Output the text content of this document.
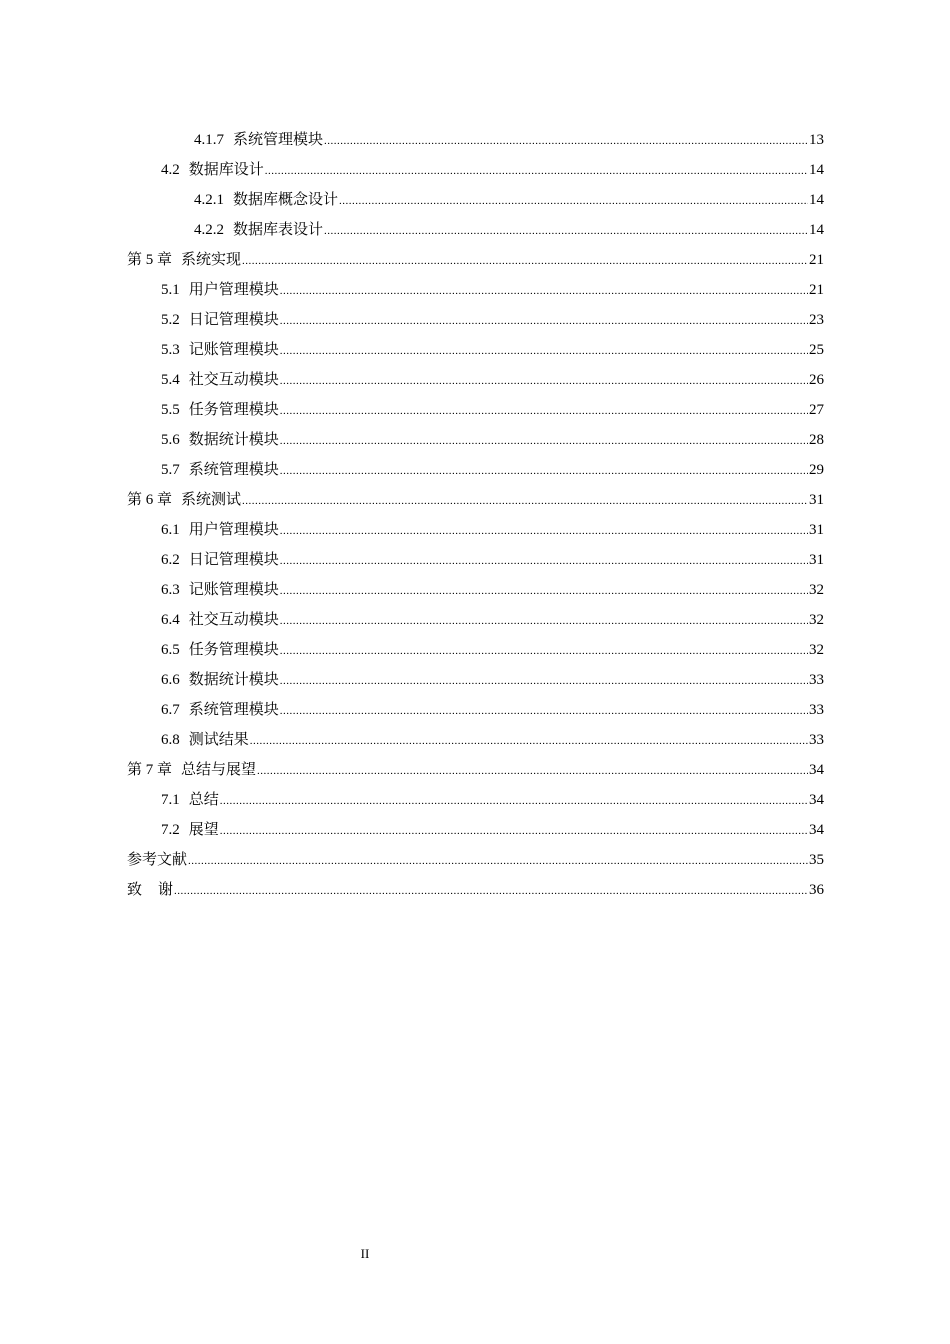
4.1.7 系统管理模块 .....	13
4.2 数据库设计 .....	14
4.2.1 数据库概念设计 .....	14
4.2.2 数据库表设计 .....	14
第 5 章 系统实现 .....	21
5.1 用户管理模块 .....	21
5.2 日记管理模块 .....	23
5.3 记账管理模块 .....	25
5.4 社交互动模块 .....	26
5.5 任务管理模块 .....	27
5.6 数据统计模块 .....	28
5.7 系统管理模块 .....	29
第 6 章 系统测试 .....	31
6.1 用户管理模块 .....	31
6.2 日记管理模块 .....	31
6.3 记账管理模块 .....	32
6.4 社交互动模块 .....	32
6.5 任务管理模块 .....	32
6.6 数据统计模块 .....	33
6.7 系统管理模块 .....	33
6.8 测试结果 .....	33
第 7 章 总结与展望 .....	34
7.1 总结 .....	34
7.2 展望 .....	34
参考文献 .....	35
致谢 .....	36
II
